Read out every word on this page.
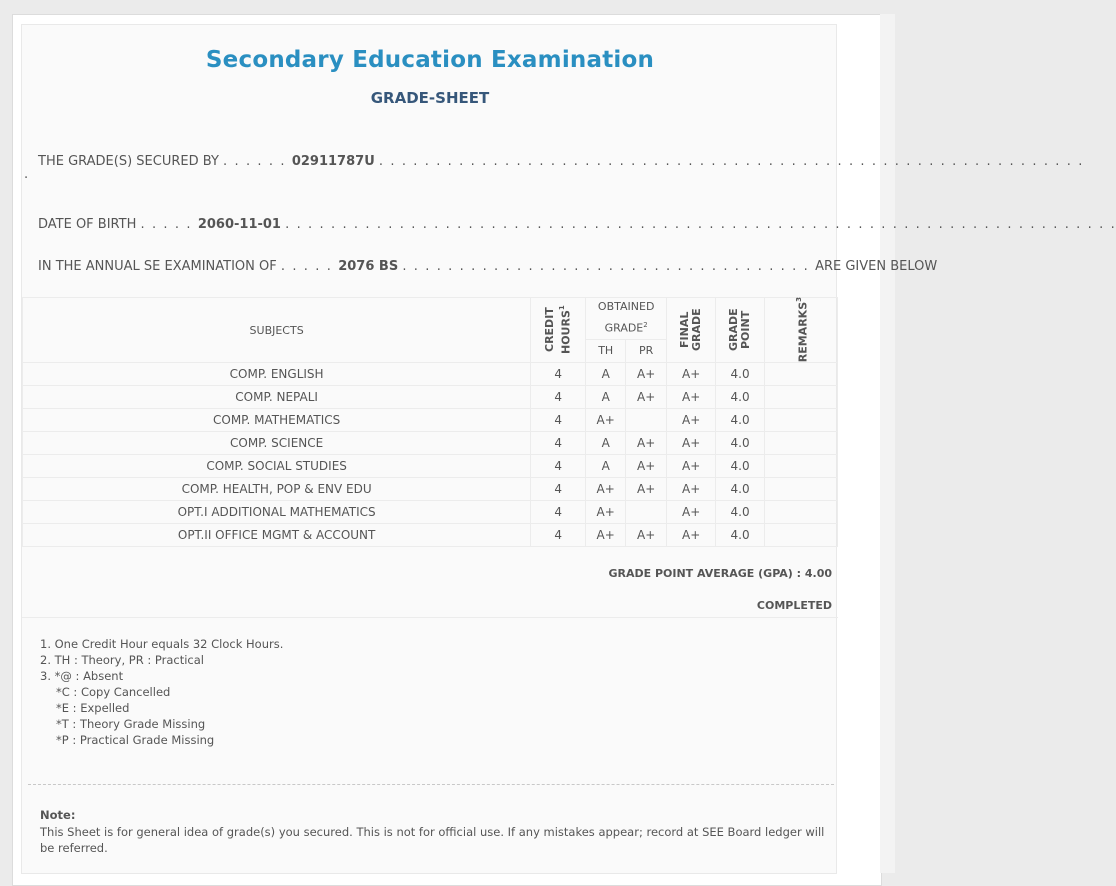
Secondary Education Examination
GRADE-SHEET
THE GRADE(S) SECURED BY . . . . . . 02911787U . . . . . . . . . . . . . . . . . . . . . . . . . . . . . . . . . . . . . . . . . . . . . . . . . . . . . . . . . . . . . .
.
DATE OF BIRTH . . . . . 2060-11-01 . . . . . . . . . . . . . . . . . . . . . . . . . . . . . . . . . . . . . . . . . . . . . . . . . . . . . . . . . . . . . . . . . . . . . . . . .
IN THE ANNUAL SE EXAMINATION OF . . . . . 2076 BS . . . . . . . . . . . . . . . . . . . . . . . . . . . . . . . . . . . . ARE GIVEN BELOW
SUBJECTS	CREDIT HOURS$^1$	OBTAINED GRADE$^2$		FINAL GRADE	GRADE POINT	REMARKS$^3$

		TH	PR			
COMP. ENGLISH	4	A	A+	A+	4.0	
COMP. NEPALI	4	A	A+	A+	4.0	
COMP. MATHEMATICS	4	A+		A+	4.0	
COMP. SCIENCE	4	A	A+	A+	4.0	
COMP. SOCIAL STUDIES	4	A	A+	A+	4.0	
COMP. HEALTH, POP & ENV EDU	4	A+	A+	A+	4.0	
OPT.I ADDITIONAL MATHEMATICS	4	A+		A+	4.0	
OPT.II OFFICE MGMT & ACCOUNT	4	A+	A+	A+	4.0	
GRADE POINT AVERAGE (GPA) : 4.00
COMPLETED
1. One Credit Hour equals 32 Clock Hours.
2. TH : Theory, PR : Practical
3. *@ : Absent
*C : Copy Cancelled
*E : Expelled
*T : Theory Grade Missing
*P : Practical Grade Missing
Note:
This Sheet is for general idea of grade(s) you secured. This is not for official use. If any mistakes appear; record at SEE Board ledger will be referred.
